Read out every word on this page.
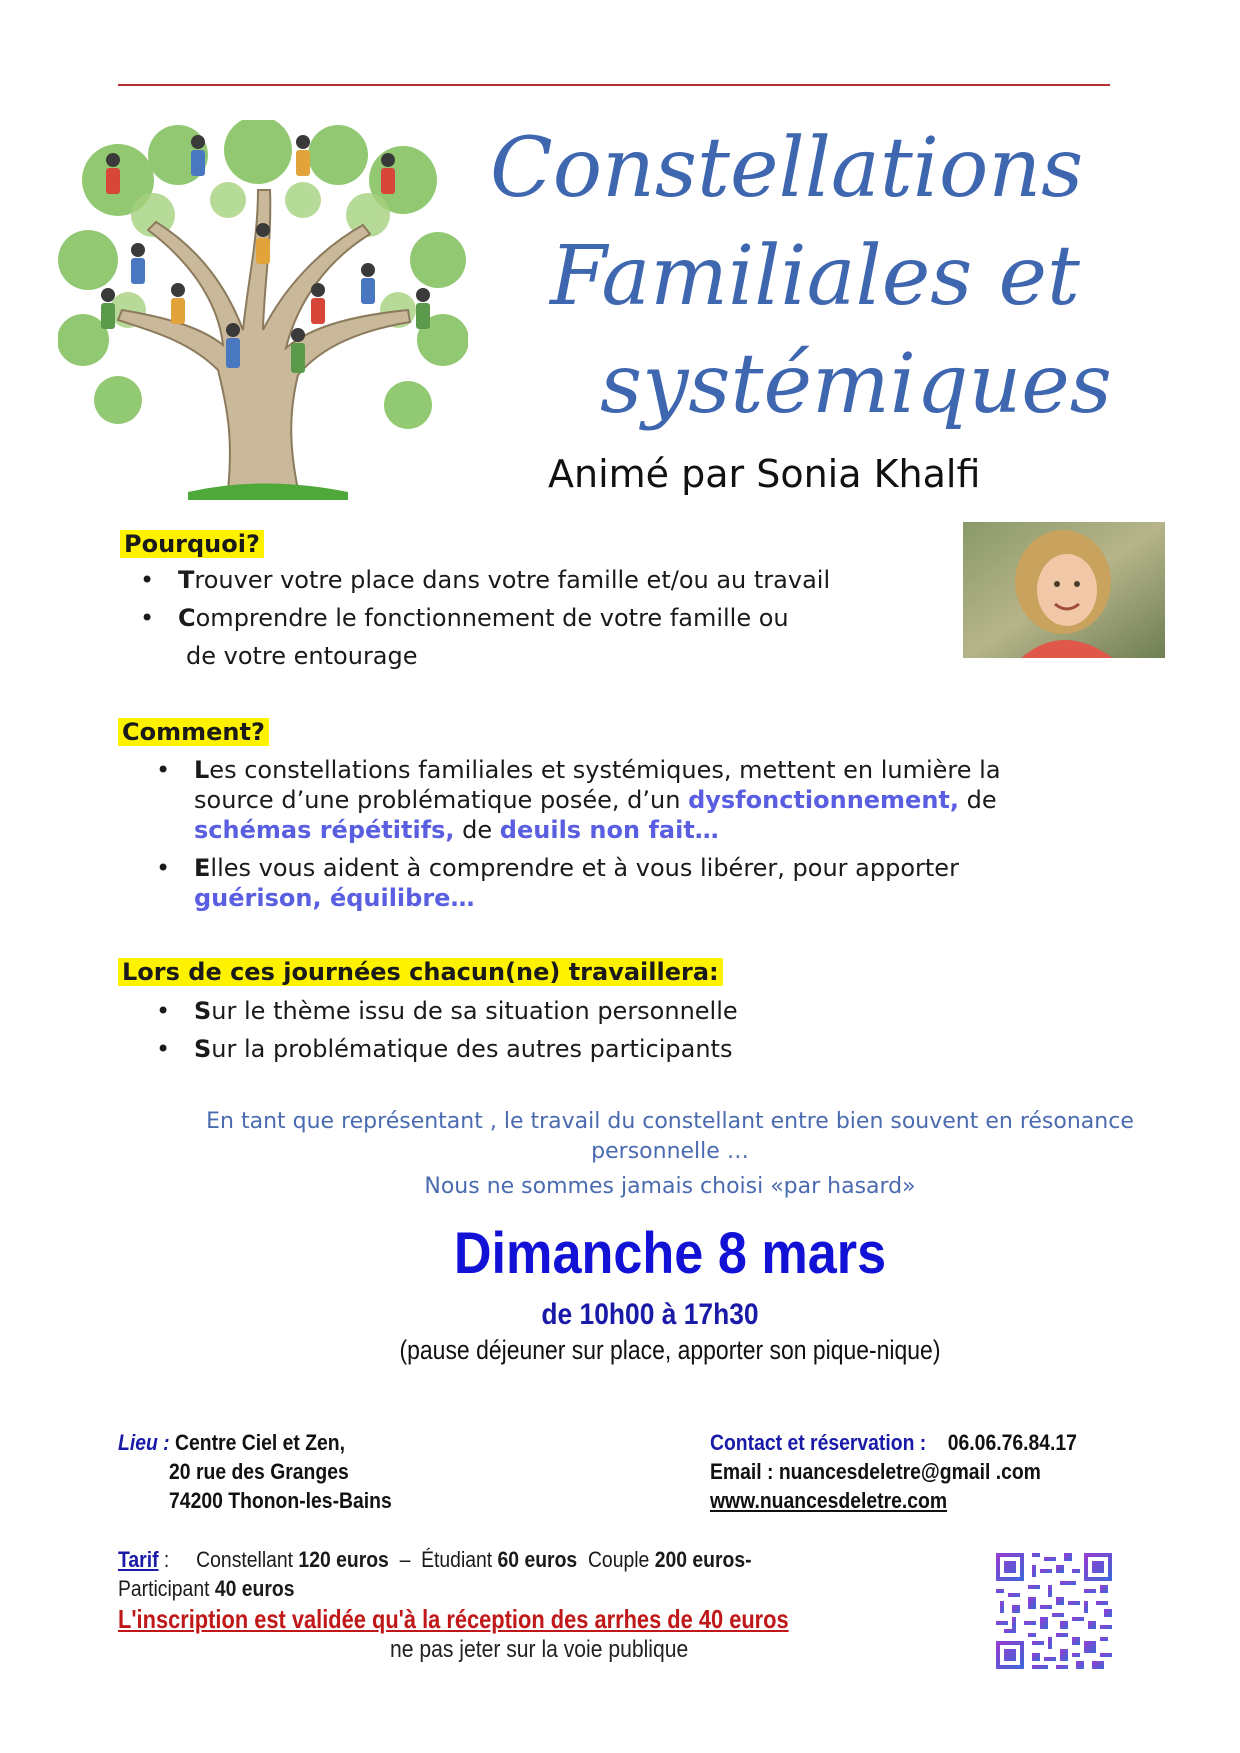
Constellations
Familiales et
systémiques
Animé par Sonia Khalfi
Pourquoi?
• Trouver votre place dans votre famille et/ou au travail
• Comprendre le fonctionnement de votre famille ou
de votre entourage
Comment?
• Les constellations familiales et systémiques, mettent en lumière la source d’une problématique posée, d’un dysfonctionnement, de schémas répétitifs, de deuils non fait…
• Elles vous aident à comprendre et à vous libérer, pour apporter guérison, équilibre…
Lors de ces journées chacun(ne) travaillera:
• Sur le thème issu de sa situation personnelle
• Sur la problématique des autres participants
En tant que représentant , le travail du constellant entre bien souvent en résonance personnelle …
Nous ne sommes jamais choisi «par hasard»
Dimanche 8 mars
de 10h00 à 17h30
(pause déjeuner sur place, apporter son pique-nique)
Lieu : Centre Ciel et Zen,
20 rue des Granges
74200 Thonon-les-Bains
Contact et réservation : 06.06.76.84.17
Email : nuancesdeletre@gmail .com
www.nuancesdeletre.com
Tarif :     Constellant 120 euros  –  Étudiant 60 euros Couple 200 euros- Participant 40 euros
L'inscription est validée qu'à la réception des arrhes de 40 euros
ne pas jeter sur la voie publique
